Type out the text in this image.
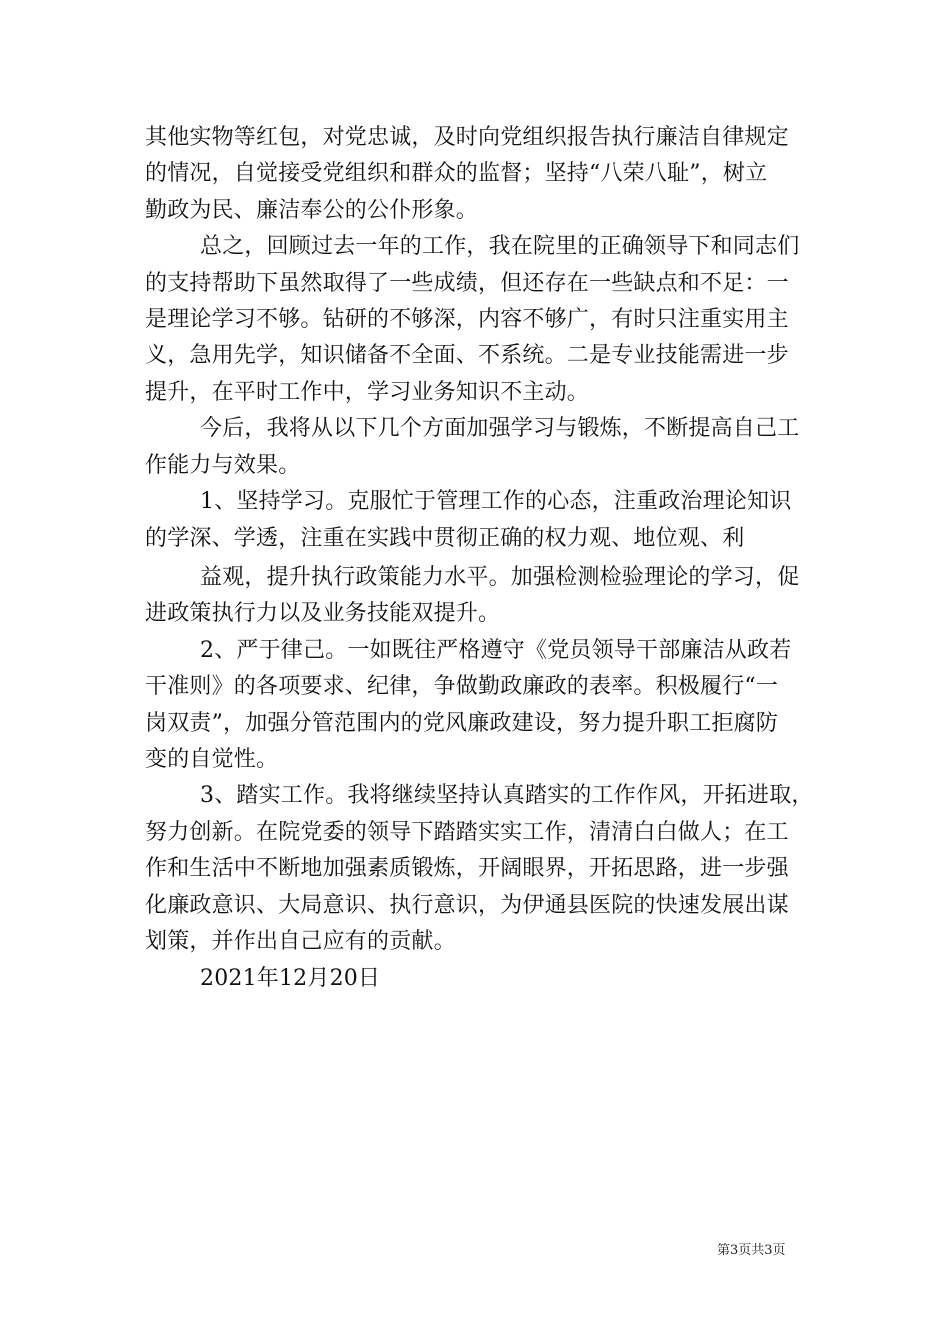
其他实物等红包，对党忠诚，及时向党组织报告执行廉洁自律规定
的情况，自觉接受党组织和群众的监督；坚持“八荣八耻”，树立
勤政为民、廉洁奉公的公仆形象。
总之，回顾过去一年的工作，我在院里的正确领导下和同志们
的支持帮助下虽然取得了一些成绩，但还存在一些缺点和不足：一
是理论学习不够。钻研的不够深，内容不够广，有时只注重实用主
义，急用先学，知识储备不全面、不系统。二是专业技能需进一步
提升，在平时工作中，学习业务知识不主动。
今后，我将从以下几个方面加强学习与锻炼，不断提高自己工
作能力与效果。
1、坚持学习。克服忙于管理工作的心态，注重政治理论知识
的学深、学透，注重在实践中贯彻正确的权力观、地位观、利
益观，提升执行政策能力水平。加强检测检验理论的学习，促
进政策执行力以及业务技能双提升。
2、严于律己。一如既往严格遵守《党员领导干部廉洁从政若
干准则》的各项要求、纪律，争做勤政廉政的表率。积极履行“一
岗双责”，加强分管范围内的党风廉政建设，努力提升职工拒腐防
变的自觉性。
3、踏实工作。我将继续坚持认真踏实的工作作风，开拓进取，
努力创新。在院党委的领导下踏踏实实工作，清清白白做人；在工
作和生活中不断地加强素质锻炼，开阔眼界，开拓思路，进一步强
化廉政意识、大局意识、执行意识，为伊通县医院的快速发展出谋
划策，并作出自己应有的贡献。
2021年12月20日
第3页共3页
